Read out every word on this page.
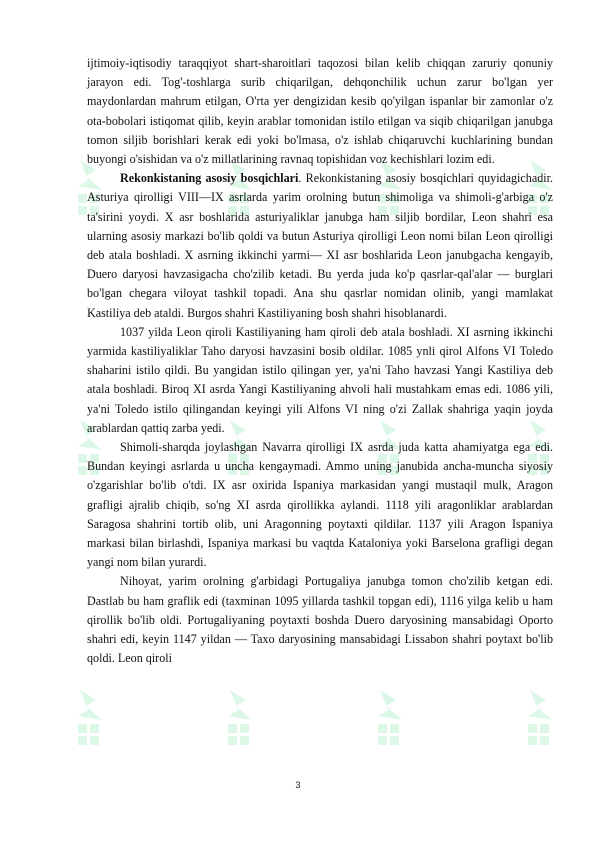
ijtimoiy-iqtisodiy taraqqiyot shart-sharoitlari taqozosi bilan kelib chiqqan zaruriy qonuniy jarayon edi. Tog'-toshlarga surib chiqarilgan, dehqonchilik uchun zarur bo'lgan yer maydonlardan mahrum etilgan, O'rta yer dengizidan kesib qo'yilgan ispanlar bir zamonlar o'z ota-bobolari istiqomat qilib, keyin arablar tomonidan istilo etilgan va siqib chiqarilgan janubga tomon siljib borishlari kerak edi yoki bo'lmasa, o'z ishlab chiqaruvchi kuchlarining bundan buyongi o'sishidan va o'z millatlarining ravnaq topishidan voz kechishlari lozim edi.

Rekonkistaning asosiy bosqichlari. Rekonkistaning asosiy bosqichlari quyidagichadir. Asturiya qirolligi VIII—IX asrlarda yarim orolning butun shimoliga va shimoli-g'arbiga o'z ta'sirini yoydi. X asr boshlarida asturiyaliklar janubga ham siljib bordilar, Leon shahri esa ularning asosiy markazi bo'lib qoldi va butun Asturiya qirolligi Leon nomi bilan Leon qirolligi deb atala boshladi. X asrning ikkinchi yarmi— XI asr boshlarida Leon janubgacha kengayib, Duero daryosi havzasigacha cho'zilib ketadi. Bu yerda juda ko'p qasrlar-qal'alar — burglari bo'lgan chegara viloyat tashkil topadi. Ana shu qasrlar nomidan olinib, yangi mamlakat Kastiliya deb ataldi. Burgos shahri Kastiliyaning bosh shahri hisoblanardi.

1037 yilda Leon qiroli Kastiliyaning ham qiroli deb atala boshladi. XI asrning ikkinchi yarmida kastiliyaliklar Taho daryosi havzasini bosib oldilar. 1085 ynli qirol Alfons VI Toledo shaharini istilo qildi. Bu yangidan istilo qilingan yer, ya'ni Taho havzasi Yangi Kastiliya deb atala boshladi. Biroq XI asrda Yangi Kastiliyaning ahvoli hali mustahkam emas edi. 1086 yili, ya'ni Toledo istilo qilingandan keyingi yili Alfons VI ning o'zi Zallak shahriga yaqin joyda arablardan qattiq zarba yedi.

Shimoli-sharqda joylashgan Navarra qirolligi IX asrda juda katta ahamiyatga ega edi. Bundan keyingi asrlarda u uncha kengaymadi. Ammo uning janubida ancha-muncha siyosiy o'zgarishlar bo'lib o'tdi. IX asr oxirida Ispaniya markasidan yangi mustaqil mulk, Aragon grafligi ajralib chiqib, so'ng XI asrda qirollikka aylandi. 1118 yili aragonliklar arablardan Saragosa shahrini tortib olib, uni Aragonning poytaxti qildilar. 1137 yili Aragon Ispaniya markasi bilan birlashdi, Ispaniya markasi bu vaqtda Kataloniya yoki Barselona grafligi degan yangi nom bilan yurardi.

Nihoyat, yarim orolning g'arbidagi Portugaliya janubga tomon cho'zilib ketgan edi. Dastlab bu ham graflik edi (taxminan 1095 yillarda tashkil topgan edi), 1116 yilga kelib u ham qirollik bo'lib oldi. Portugaliyaning poytaxti boshda Duero daryosining mansabidagi Oporto shahri edi, keyin 1147 yildan — Taxo daryosining mansabidagi Lissabon shahri poytaxt bo'lib qoldi. Leon qiroli

3
